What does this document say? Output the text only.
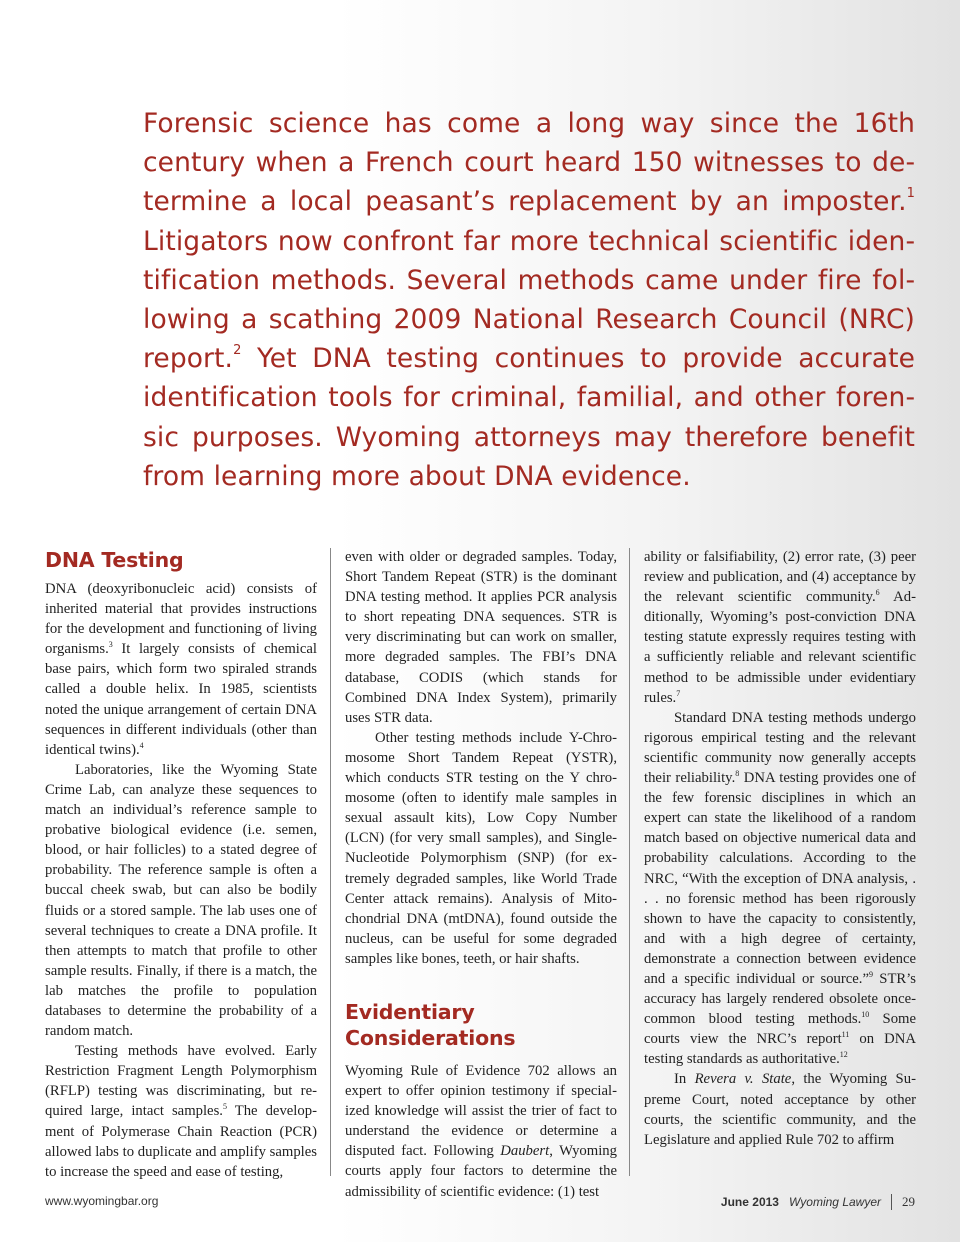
Forensic science has come a long way since the 16th century when a French court heard 150 witnesses to determine a local peasant’s replacement by an imposter.$^1$ Litigators now confront far more technical scientific identification methods. Several methods came under fire following a scathing 2009 National Research Council (NRC) report.$^2$ Yet DNA testing continues to provide accurate identification tools for criminal, familial, and other forensic purposes. Wyoming attorneys may therefore benefit from learning more about DNA evidence.

DNA Testing

DNA (deoxyribonucleic acid) consists of inherited material that provides instructions for the development and functioning of living organisms.$^3$ It largely consists of chemical base pairs, which form two spiraled strands called a double helix. In 1985, scientists noted the unique arrangement of certain DNA sequences in different individuals (other than identical twins).$^4$

Laboratories, like the Wyoming State Crime Lab, can analyze these sequences to match an individual’s reference sample to probative biological evidence (i.e. semen, blood, or hair follicles) to a stated degree of probability. The reference sample is often a buccal cheek swab, but can also be bodily fluids or a stored sample. The lab uses one of several techniques to create a DNA profile. It then attempts to match that profile to other sample results. Finally, if there is a match, the lab matches the profile to population databases to determine the probability of a random match.

Testing methods have evolved. Early Restriction Fragment Length Polymorphism (RFLP) testing was discriminating, but required large, intact samples.$^5$ The development of Polymerase Chain Reaction (PCR) allowed labs to duplicate and amplify samples to increase the speed and ease of testing,

even with older or degraded samples. Today, Short Tandem Repeat (STR) is the dominant DNA testing method. It applies PCR analysis to short repeating DNA sequences. STR is very discriminating but can work on smaller, more degraded samples. The FBI’s DNA database, CODIS (which stands for Combined DNA Index System), primarily uses STR data.

Other testing methods include Y-Chromosome Short Tandem Repeat (YSTR), which conducts STR testing on the Y chromosome (often to identify male samples in sexual assault kits), Low Copy Number (LCN) (for very small samples), and Single-Nucleotide Polymorphism (SNP) (for extremely degraded samples, like World Trade Center attack remains). Analysis of Mitochondrial DNA (mtDNA), found outside the nucleus, can be useful for some degraded samples like bones, teeth, or hair shafts.

Evidentiary Considerations

Wyoming Rule of Evidence 702 allows an expert to offer opinion testimony if specialized knowledge will assist the trier of fact to understand the evidence or determine a disputed fact. Following Daubert, Wyoming courts apply four factors to determine the admissibility of scientific evidence: (1) test

ability or falsifiability, (2) error rate, (3) peer review and publication, and (4) acceptance by the relevant scientific community.$^6$ Additionally, Wyoming’s post-conviction DNA testing statute expressly requires testing with a sufficiently reliable and relevant scientific method to be admissible under evidentiary rules.$^7$

Standard DNA testing methods undergo rigorous empirical testing and the relevant scientific community now generally accepts their reliability.$^8$ DNA testing provides one of the few forensic disciplines in which an expert can state the likelihood of a random match based on objective numerical data and probability calculations. According to the NRC, “With the exception of DNA analysis, . . . no forensic method has been rigorously shown to have the capacity to consistently, and with a high degree of certainty, demonstrate a connection between evidence and a specific individual or source.”$^9$ STR’s accuracy has largely rendered obsolete once-common blood testing methods.$^{10}$ Some courts view the NRC’s report$^{11}$ on DNA testing standards as authoritative.$^{12}$

In Revera v. State, the Wyoming Supreme Court, noted acceptance by other courts, the scientific community, and the Legislature and applied Rule 702 to affirm

www.wyomingbar.org	June 2013 Wyoming Lawyer 29
